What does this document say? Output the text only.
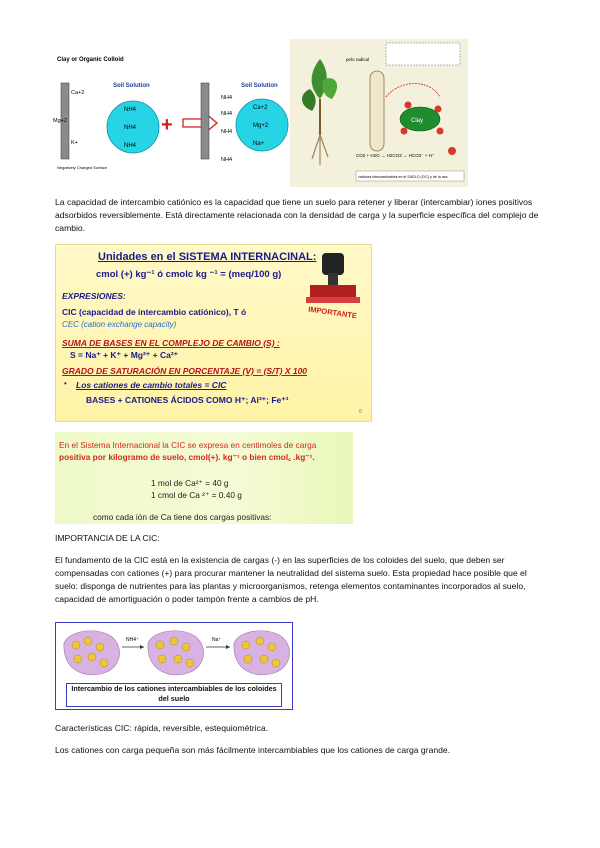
Clay or Organic Colloid
Ca+2
Mg+2
K+
Negatively Charged Surface
Soil Solution
NH4
NH4
NH4
+
NH4
NH4
NH4
NH4
Soil Solution
Ca+2
Mg+2
Na+
pelo radical
Clay
CO2 + H2O → H2CO3 → HCO3⁻ + H⁺
cationes intercambiables en el SUELO (CIC) y de la raíz
La capacidad de intercambio catiónico es la capacidad que tiene un suelo para retener y liberar (intercambiar) iones positivos adsorbidos reversiblemente. Está directamente relacionada con la densidad de carga y la superficie específica del complejo de cambio.
Unidades en el SISTEMA INTERNACINAL:
cmol (+) kg⁻¹ ó cmolc kg ⁻¹ = (meq/100 g)
EXPRESIONES:
CIC (capacidad de intercambio catiónico), T ó
CEC (cation exchange capacity)
SUMA DE BASES EN EL COMPLEJO DE CAMBIO (S) :
S = Na⁺ + K⁺ + Mg²⁺ + Ca²⁺
GRADO DE SATURACIÓN EN PORCENTAJE (V) = (S/T) X 100
• Los cationes de cambio totales = CIC
BASES + CATIONES ÁCIDOS COMO H⁺; Al³⁺; Fe⁺¹
8
IMPORTANTE
En el Sistema Internacional la CIC se expresa en centimoles de carga
positiva por kilogramo de suelo, cmol(+). kg⁻¹ o bien cmol꜀ .kg⁻¹.
1 mol de Ca²⁺ = 40 g
1 cmol de Ca ²⁺ = 0.40 g
como cada ión de Ca tiene dos cargas positivas:
IMPORTANCIA DE LA CIC:
El fundamento de la CIC está en la existencia de cargas (-) en las superficies de los coloides del suelo, que deben ser compensadas con cationes (+) para procurar mantener la neutralidad del sistema suelo. Esta propiedad hace posible que el suelo: disponga de nutrientes para las plantas y microorganismos, retenga elementos contaminantes incorporados al suelo, capacidad de amortiguación o poder tampón frente a cambios de pH.
NH4⁺	Na⁺
Intercambio de los cationes intercambiables de los coloides del suelo
Características CIC: rápida, reversible, estequiométrica.
Los cationes con carga pequeña son más fácilmente intercambiables que los cationes de carga grande.
